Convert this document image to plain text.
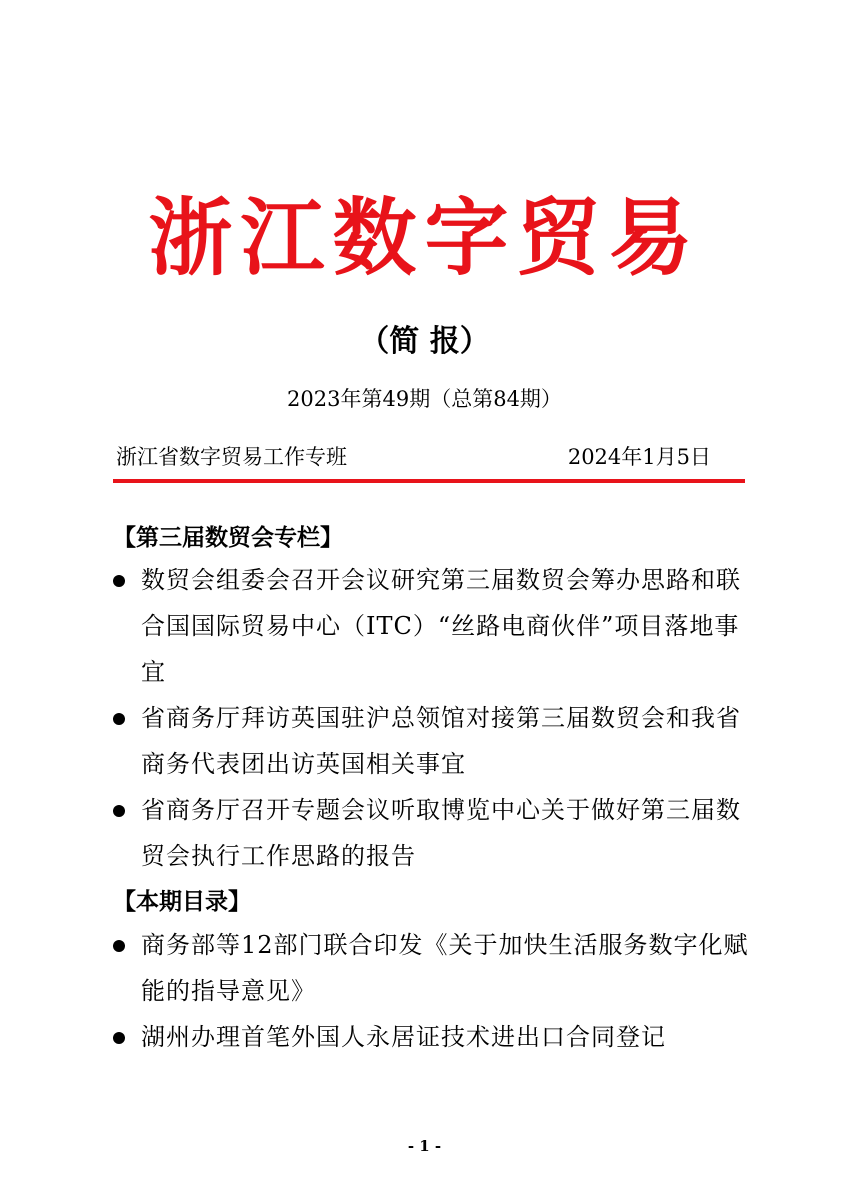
浙江数字贸易
（简 报）
2023年第49期（总第84期）
浙江省数字贸易工作专班	2024年1月5日
【第三届数贸会专栏】
数贸会组委会召开会议研究第三届数贸会筹办思路和联合国国际贸易中心（ITC）“丝路电商伙伴”项目落地事宜
省商务厅拜访英国驻沪总领馆对接第三届数贸会和我省商务代表团出访英国相关事宜
省商务厅召开专题会议听取博览中心关于做好第三届数贸会执行工作思路的报告
【本期目录】
商务部等12部门联合印发《关于加快生活服务数字化赋能的指导意见》
湖州办理首笔外国人永居证技术进出口合同登记
- 1 -
